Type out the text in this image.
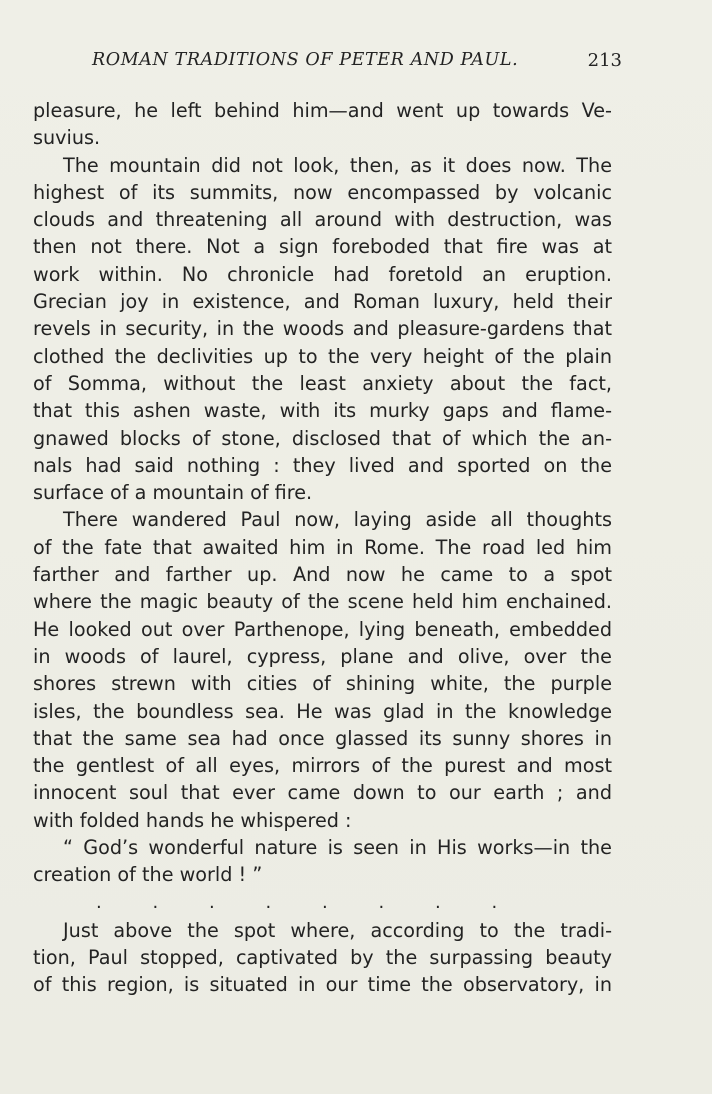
ROMAN TRADITIONS OF PETER AND PAUL.	213
pleasure, he left behind him—and went up towards Ve-
suvius.
The mountain did not look, then, as it does now. The
highest of its summits, now encompassed by volcanic
clouds and threatening all around with destruction, was
then not there. Not a sign foreboded that fire was at
work within. No chronicle had foretold an eruption.
Grecian joy in existence, and Roman luxury, held their
revels in security, in the woods and pleasure-gardens that
clothed the declivities up to the very height of the plain
of Somma, without the least anxiety about the fact,
that this ashen waste, with its murky gaps and flame-
gnawed blocks of stone, disclosed that of which the an-
nals had said nothing : they lived and sported on the
surface of a mountain of fire.
There wandered Paul now, laying aside all thoughts
of the fate that awaited him in Rome. The road led him
farther and farther up. And now he came to a spot
where the magic beauty of the scene held him enchained.
He looked out over Parthenope, lying beneath, embedded
in woods of laurel, cypress, plane and olive, over the
shores strewn with cities of shining white, the purple
isles, the boundless sea. He was glad in the knowledge
that the same sea had once glassed its sunny shores in
the gentlest of all eyes, mirrors of the purest and most
innocent soul that ever came down to our earth ; and
with folded hands he whispered :
“ God’s wonderful nature is seen in His works—in the
creation of the world ! ”
.	.	.	.	.	.	.	.
Just above the spot where, according to the tradi-
tion, Paul stopped, captivated by the surpassing beauty
of this region, is situated in our time the observatory, in
